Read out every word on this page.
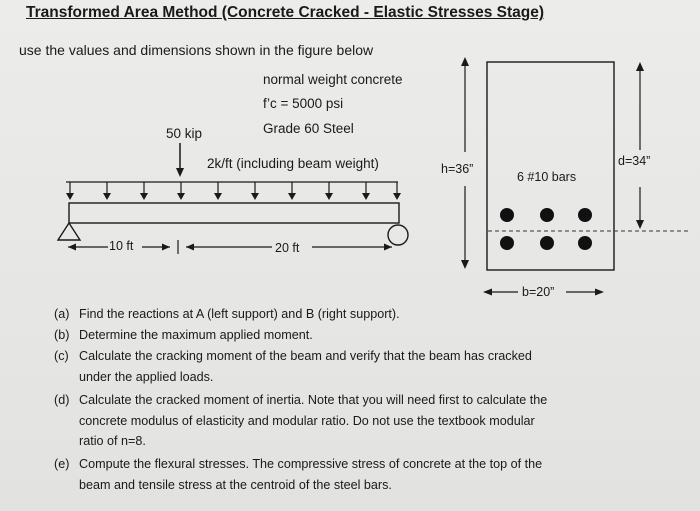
Transformed Area Method (Concrete Cracked - Elastic Stresses Stage)
use the values and dimensions shown in the figure below
normal weight concrete
f’c = 5000 psi
Grade 60 Steel
50 kip
2k/ft (including beam weight)
10 ft	20 ft
h=36”
d=34”
6 #10 bars
b=20”
(a) Find the reactions at A (left support) and B (right support).
(b) Determine the maximum applied moment.
(c) Calculate the cracking moment of the beam and verify that the beam has cracked
under the applied loads.
(d) Calculate the cracked moment of inertia. Note that you will need first to calculate the
concrete modulus of elasticity and modular ratio. Do not use the textbook modular
ratio of n=8.
(e) Compute the flexural stresses. The compressive stress of concrete at the top of the
beam and tensile stress at the centroid of the steel bars.
